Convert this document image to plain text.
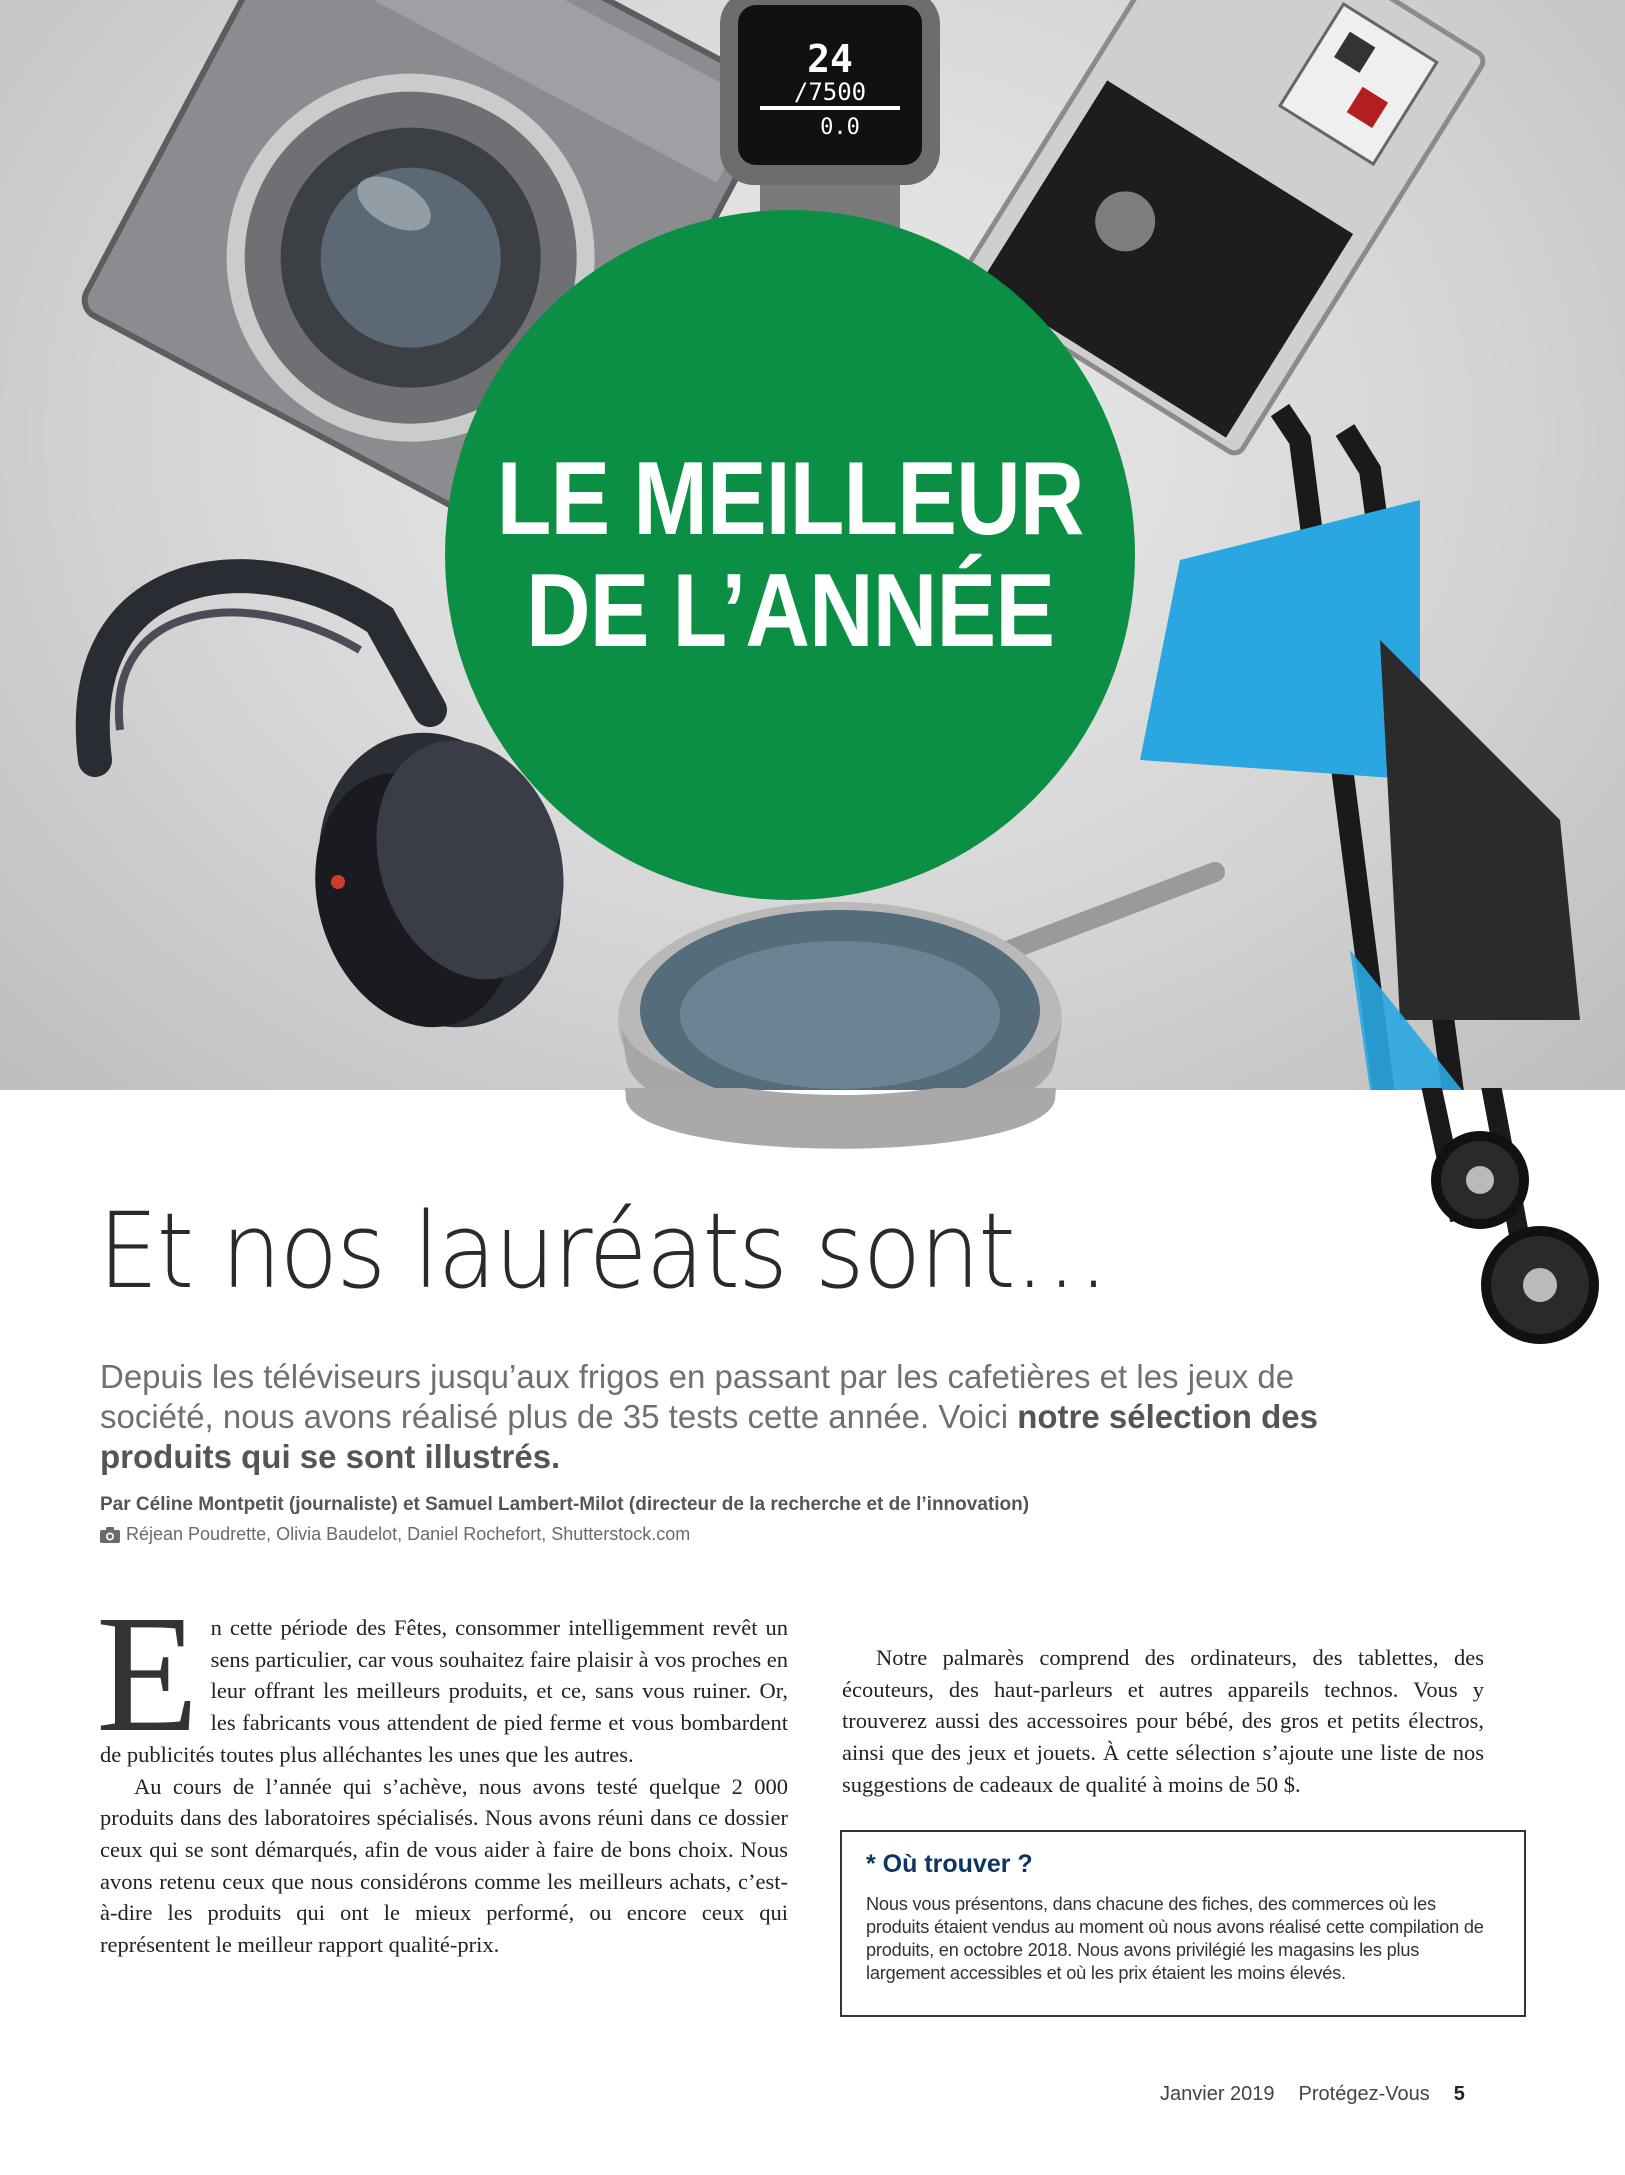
24
/7500
0.0
LE MEILLEUR
DE L’ANNÉE
Et nos lauréats sont…
Depuis les téléviseurs jusqu’aux frigos en passant par les cafetières et les jeux de société, nous avons réalisé plus de 35 tests cette année. Voici notre sélection des produits qui se sont illustrés.
Par Céline Montpetit (journaliste) et Samuel Lambert-Milot (directeur de la recherche et de l’innovation)
Réjean Poudrette, Olivia Baudelot, Daniel Rochefort, Shutterstock.com

En cette période des Fêtes, consommer intelligemment revêt un sens particulier, car vous souhaitez faire plaisir à vos proches en leur offrant les meilleurs produits, et ce, sans vous ruiner. Or, les fabricants vous attendent de pied ferme et vous bombardent de publicités toutes plus alléchantes les unes que les autres.

Au cours de l’année qui s’achève, nous avons testé quelque 2 000 produits dans des laboratoires spécialisés. Nous avons réuni dans ce dossier ceux qui se sont démarqués, afin de vous aider à faire de bons choix. Nous avons retenu ceux que nous considérons comme les meilleurs achats, c’est-à-dire les produits qui ont le mieux performé, ou encore ceux qui représentent le meilleur rapport qualité-prix.

Notre palmarès comprend des ordinateurs, des tablettes, des écouteurs, des haut-parleurs et autres appareils technos. Vous y trouverez aussi des accessoires pour bébé, des gros et petits électros, ainsi que des jeux et jouets. À cette sélection s’ajoute une liste de nos suggestions de cadeaux de qualité à moins de 50 $.

* Où trouver ?
Nous vous présentons, dans chacune des fiches, des commerces où les produits étaient vendus au moment où nous avons réalisé cette compilation de produits, en octobre 2018. Nous avons privilégié les magasins les plus largement accessibles et où les prix étaient les moins élevés.
Janvier 2019 Protégez-Vous 5
